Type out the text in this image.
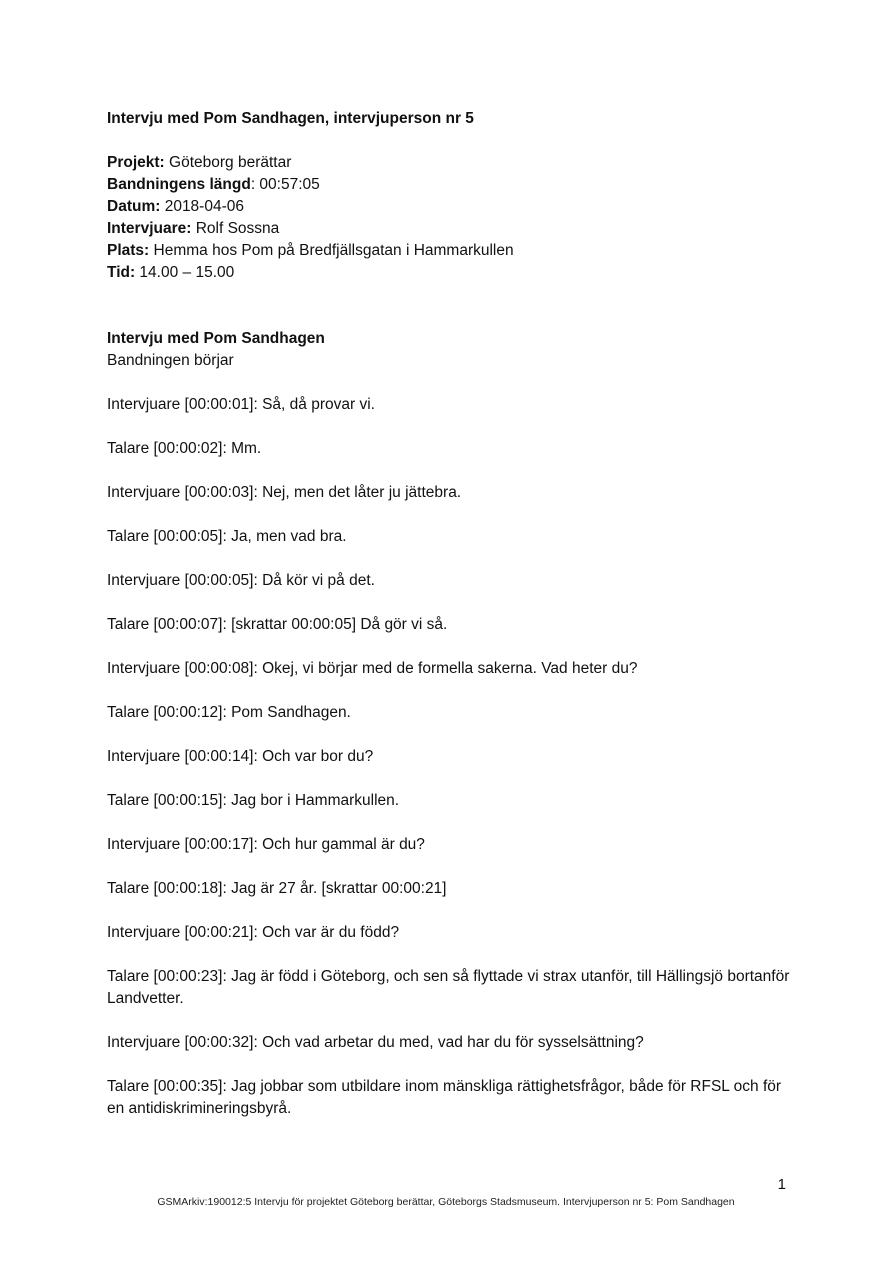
Intervju med Pom Sandhagen, intervjuperson nr 5

Projekt: Göteborg berättar

Bandningens längd: 00:57:05

Datum: 2018-04-06

Intervjuare: Rolf Sossna

Plats: Hemma hos Pom på Bredfjällsgatan i Hammarkullen

Tid: 14.00 – 15.00

Intervju med Pom Sandhagen
Bandningen börjar

Intervjuare [00:00:01]: Så, då provar vi.

Talare [00:00:02]: Mm.

Intervjuare [00:00:03]: Nej, men det låter ju jättebra.

Talare [00:00:05]: Ja, men vad bra.

Intervjuare [00:00:05]: Då kör vi på det.

Talare [00:00:07]: [skrattar 00:00:05] Då gör vi så.

Intervjuare [00:00:08]: Okej, vi börjar med de formella sakerna. Vad heter du?

Talare [00:00:12]: Pom Sandhagen.

Intervjuare [00:00:14]: Och var bor du?

Talare [00:00:15]: Jag bor i Hammarkullen.

Intervjuare [00:00:17]: Och hur gammal är du?

Talare [00:00:18]: Jag är 27 år. [skrattar 00:00:21]

Intervjuare [00:00:21]: Och var är du född?

Talare [00:00:23]: Jag är född i Göteborg, och sen så flyttade vi strax utanför, till Hällingsjö bortanför Landvetter.

Intervjuare [00:00:32]: Och vad arbetar du med, vad har du för sysselsättning?

Talare [00:00:35]: Jag jobbar som utbildare inom mänskliga rättighetsfrågor, både för RFSL och för en antidiskrimineringsbyrå.

1
GSMArkiv:190012:5 Intervju för projektet Göteborg berättar, Göteborgs Stadsmuseum. Intervjuperson nr 5: Pom Sandhagen
